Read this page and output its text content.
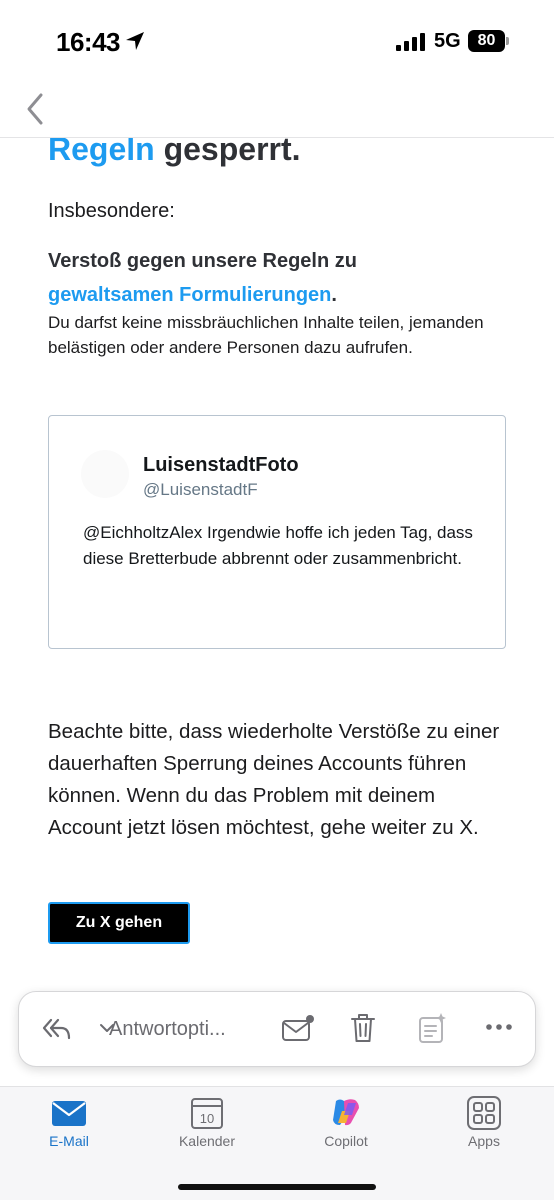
16:43	5G	80
Regeln gesperrt.
Insbesondere:
Verstoß gegen unsere Regeln zu
gewaltsamen Formulierungen.
Du darfst keine missbräuchlichen Inhalte teilen, jemanden belästigen oder andere Personen dazu aufrufen.
LuisenstadtFoto
@LuisenstadtF
@EichholtzAlex Irgendwie hoffe ich jeden Tag, dass diese Bretterbude abbrennt oder zusammenbricht.
Beachte bitte, dass wiederholte Verstöße zu einer dauerhaften Sperrung deines Accounts führen können. Wenn du das Problem mit deinem Account jetzt lösen möchtest, gehe weiter zu X.
Zu X gehen
Antwortopti...
E-Mail
10
Kalender	Copilot	Apps
